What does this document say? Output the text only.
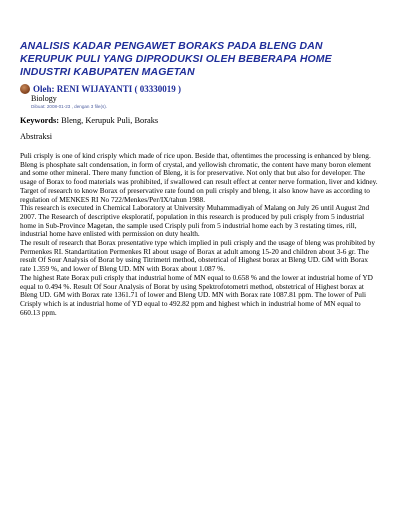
ANALISIS KADAR PENGAWET BORAKS PADA BLENG DAN KERUPUK PULI YANG DIPRODUKSI OLEH BEBERAPA HOME INDUSTRI KABUPATEN MAGETAN
Oleh: RENI WIJAYANTI ( 03330019 )
Biology
Dibuat: 2008-01-23 , dengan 3 file(s).
Keywords: Bleng, Kerupuk Puli, Boraks
Abstraksi

Puli crisply is one of kind crisply which made of rice upon. Beside that, oftentimes the processing is enhanced by bleng. Bleng is phosphate salt condensation, in form of crystal, and yellowish chromatic, the content have many boron element and some other mineral. There many function of Bleng, it is for preservative. Not only that but also for developer. The usage of Borax to food materials was prohibited, if swallowed can result effect at center nerve formation, liver and kidney. Target of research to know Borax of preservative rate found on puli crisply and bleng, it also know have as according to regulation of MENKES RI No 722/Menkes/Per/IX/tahun 1988.

This research is executed in Chemical Laboratory at University Muhammadiyah of Malang on July 26 until August 2nd 2007. The Research of descriptive eksploratif, population in this research is produced by puli crisply from 5 industrial home in Sub-Province Magetan, the sample used Crisply puli from 5 industrial home each by 3 restating times, rill, industrial home have enlisted with permission on duty health.

The result of research that Borax presentative type which implied in puli crisply and the usage of bleng was prohibited by Permenkes RI. Standartitation Permenkes RI about usage of Borax at adult among 15-20 and children about 3-6 gr. The result Of Sour Analysis of Borat by using Titrimetri method, obstetrical of Highest borax at Bleng UD. GM with Borax rate 1.359 %, and lower of Bleng UD. MN with Borax about 1.087 %.

The highest Rate Borax puli crisply that industrial home of MN equal to 0.658 % and the lower at industrial home of YD equal to 0.494 %. Result Of Sour Analysis of Borat by using Spektrofotometri method, obstetrical of Highest borax at Bleng UD. GM with Borax rate 1361.71 of lower and Bleng UD. MN with Borax rate 1087.81 ppm. The lower of Puli Crisply which is at industrial home of YD equal to 492.82 ppm and highest which in industrial home of MN equal to 660.13 ppm.
